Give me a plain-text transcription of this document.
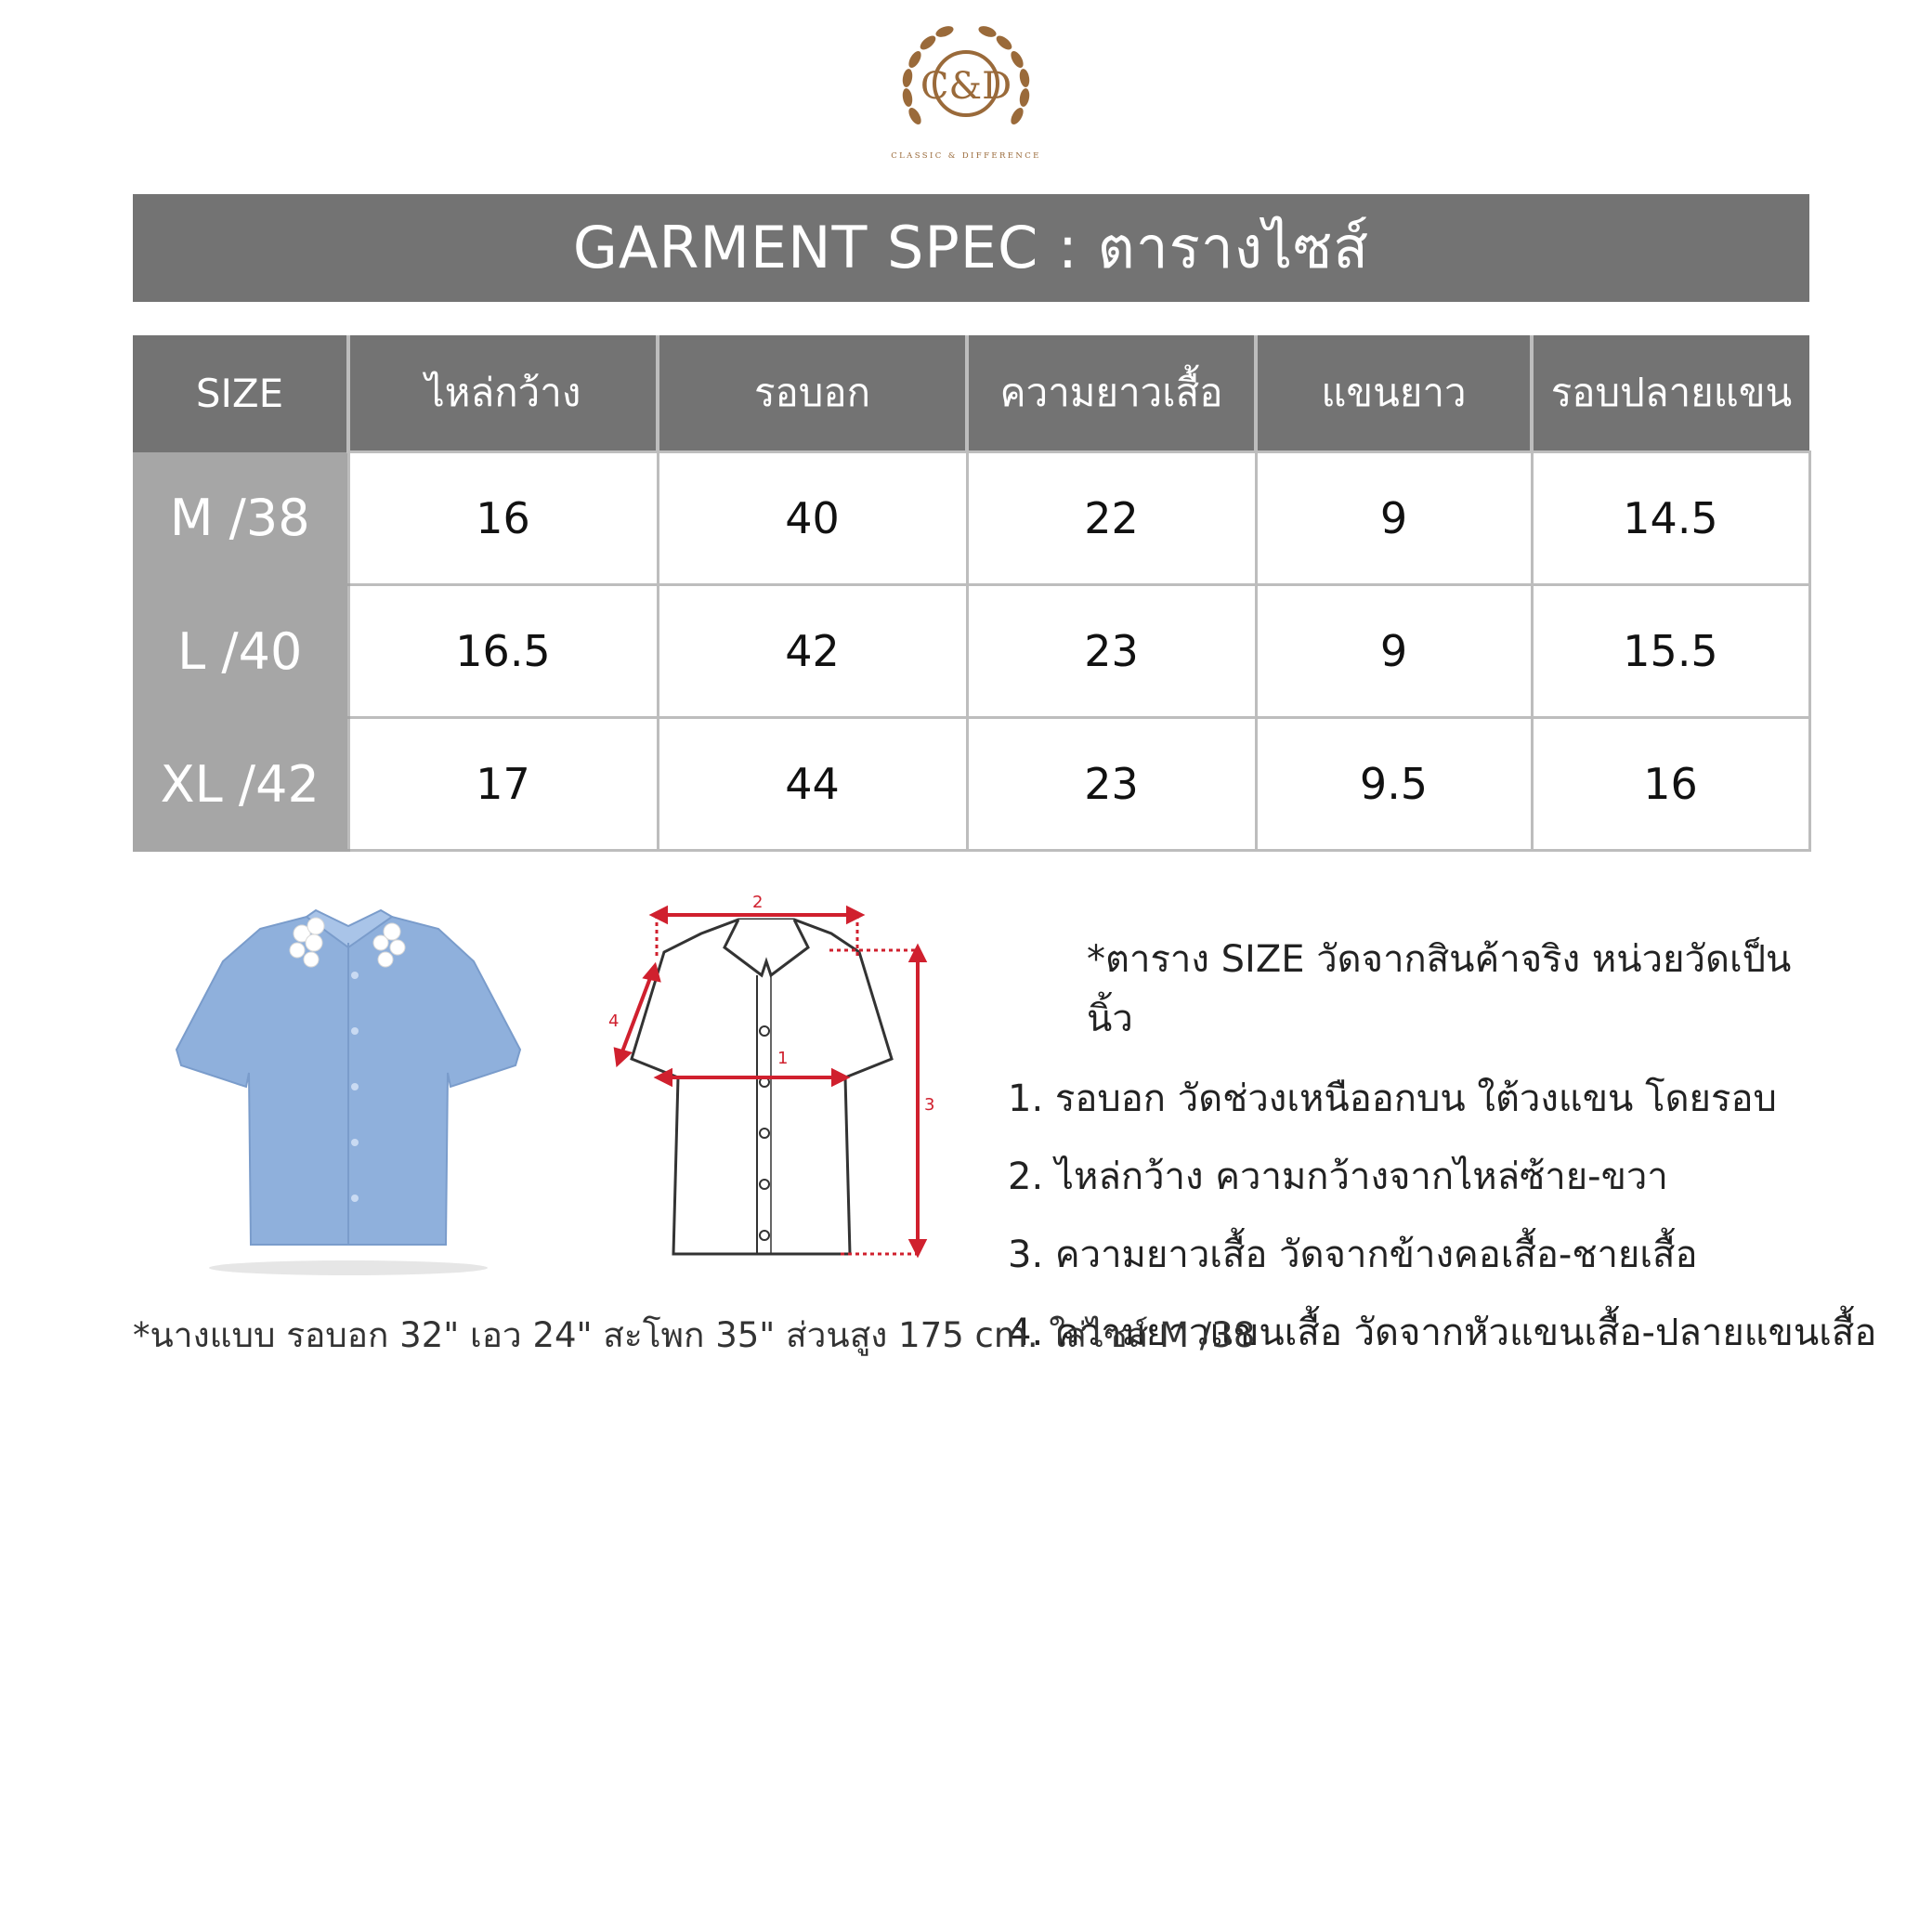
C&D
CLASSIC & DIFFERENCE
GARMENT SPEC : ตารางไซส์
SIZE	ไหล่กว้าง	รอบอก	ความยาวเสื้อ	แขนยาว	รอบปลายแขน
M /38	16	40	22	9	14.5
L /40	16.5	42	23	9	15.5
XL /42	17	44	23	9.5	16
1
2
3
4
*ตาราง SIZE วัดจากสินค้าจริง หน่วยวัดเป็นนิ้ว
1. รอบอก วัดช่วงเหนืออกบน ใต้วงแขน โดยรอบ
2. ไหล่กว้าง ความกว้างจากไหล่ซ้าย-ขวา
3. ความยาวเสื้อ วัดจากข้างคอเสื้อ-ชายเสื้อ
4. ความยาวแขนเสื้อ วัดจากหัวแขนเสื้อ-ปลายแขนเสื้อ
*นางแบบ รอบอก 32" เอว 24" สะโพก 35" ส่วนสูง 175 cm. ใส่ไซส์ M /38
